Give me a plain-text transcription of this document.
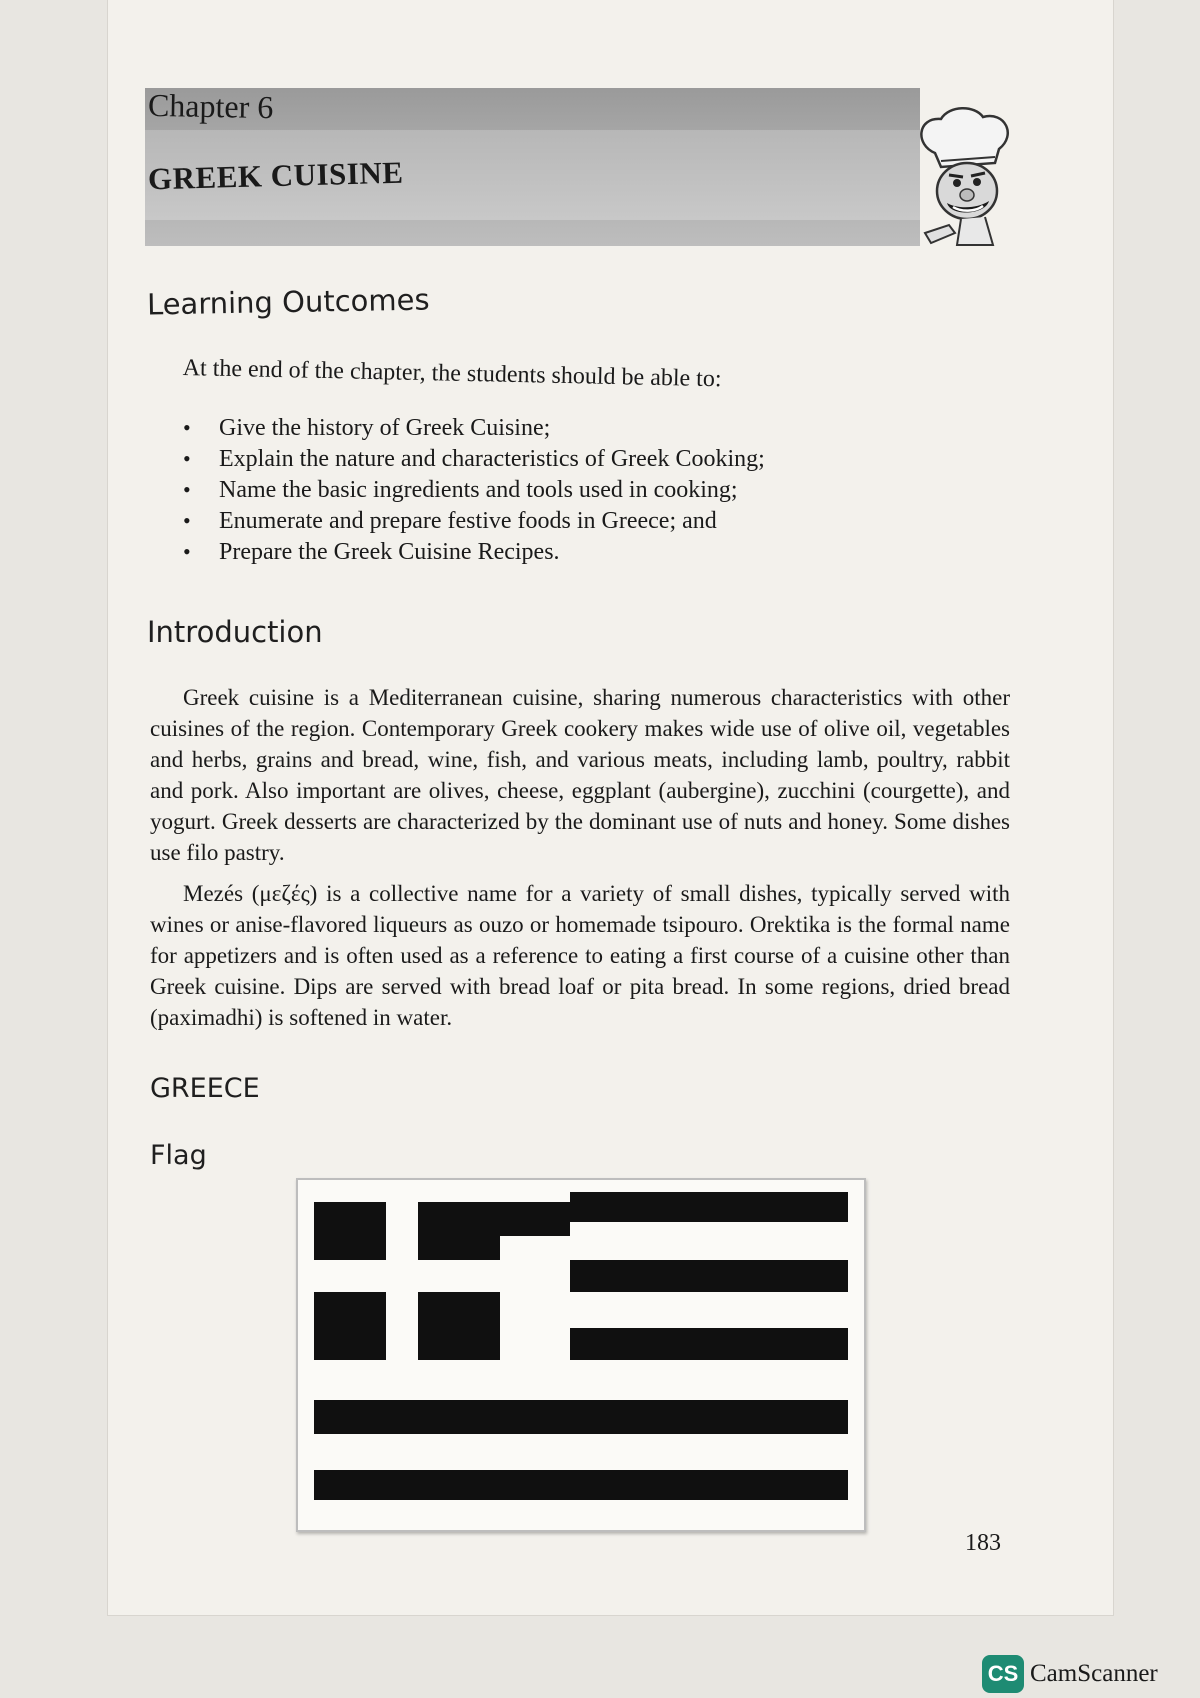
Chapter 6
GREEK CUISINE
Learning Outcomes
At the end of the chapter, the students should be able to:
• Give the history of Greek Cuisine;
• Explain the nature and characteristics of Greek Cooking;
• Name the basic ingredients and tools used in cooking;
• Enumerate and prepare festive foods in Greece; and
• Prepare the Greek Cuisine Recipes.
Introduction

Greek cuisine is a Mediterranean cuisine, sharing numerous characteristics with other cuisines of the region. Contemporary Greek cookery makes wide use of olive oil, vegetables and herbs, grains and bread, wine, fish, and various meats, including lamb, poultry, rabbit and pork. Also important are olives, cheese, eggplant (aubergine), zucchini (courgette), and yogurt. Greek desserts are characterized by the dominant use of nuts and honey. Some dishes use filo pastry.

Mezés (μεζές) is a collective name for a variety of small dishes, typically served with wines or anise-flavored liqueurs as ouzo or homemade tsipouro. Orektika is the formal name for appetizers and is often used as a reference to eating a first course of a cuisine other than Greek cuisine. Dips are served with bread loaf or pita bread. In some regions, dried bread (paximadhi) is softened in water.

GREECE
Flag
183
CS CamScanner
